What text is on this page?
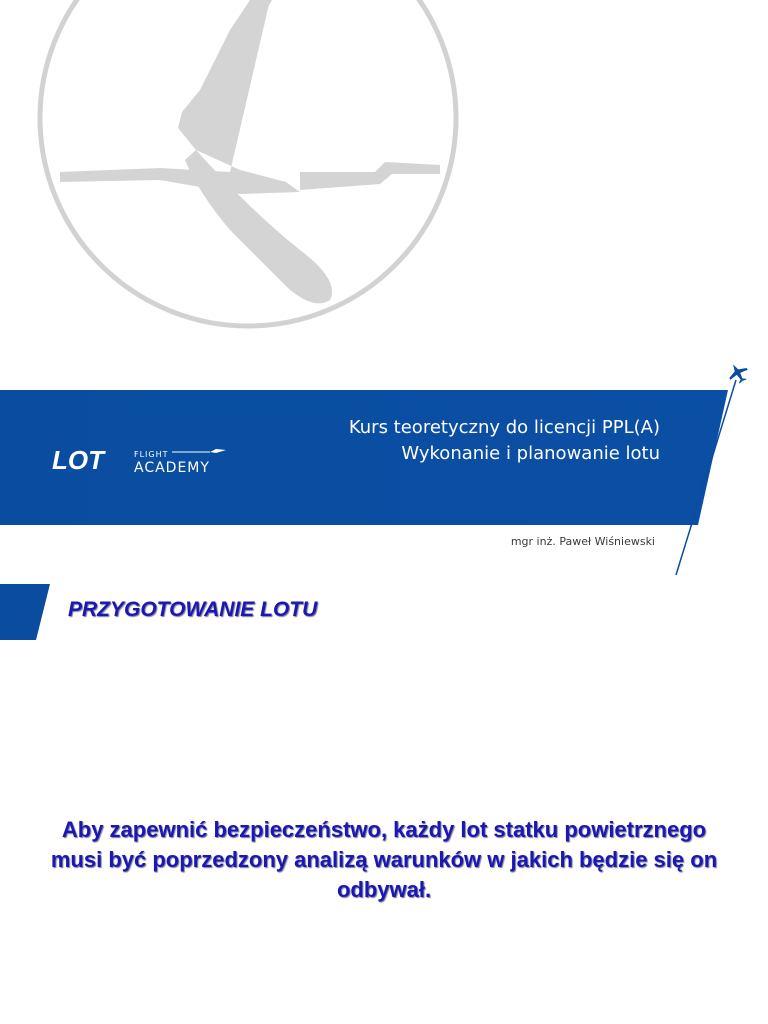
LOT	FLIGHT
ACADEMY
Kurs teoretyczny do licencji PPL(A)
Wykonanie i planowanie lotu
mgr inż. Paweł Wiśniewski
PRZYGOTOWANIE LOTU

Aby zapewnić bezpieczeństwo, każdy lot statku powietrznego musi być poprzedzony analizą warunków w jakich będzie się on odbywał.
